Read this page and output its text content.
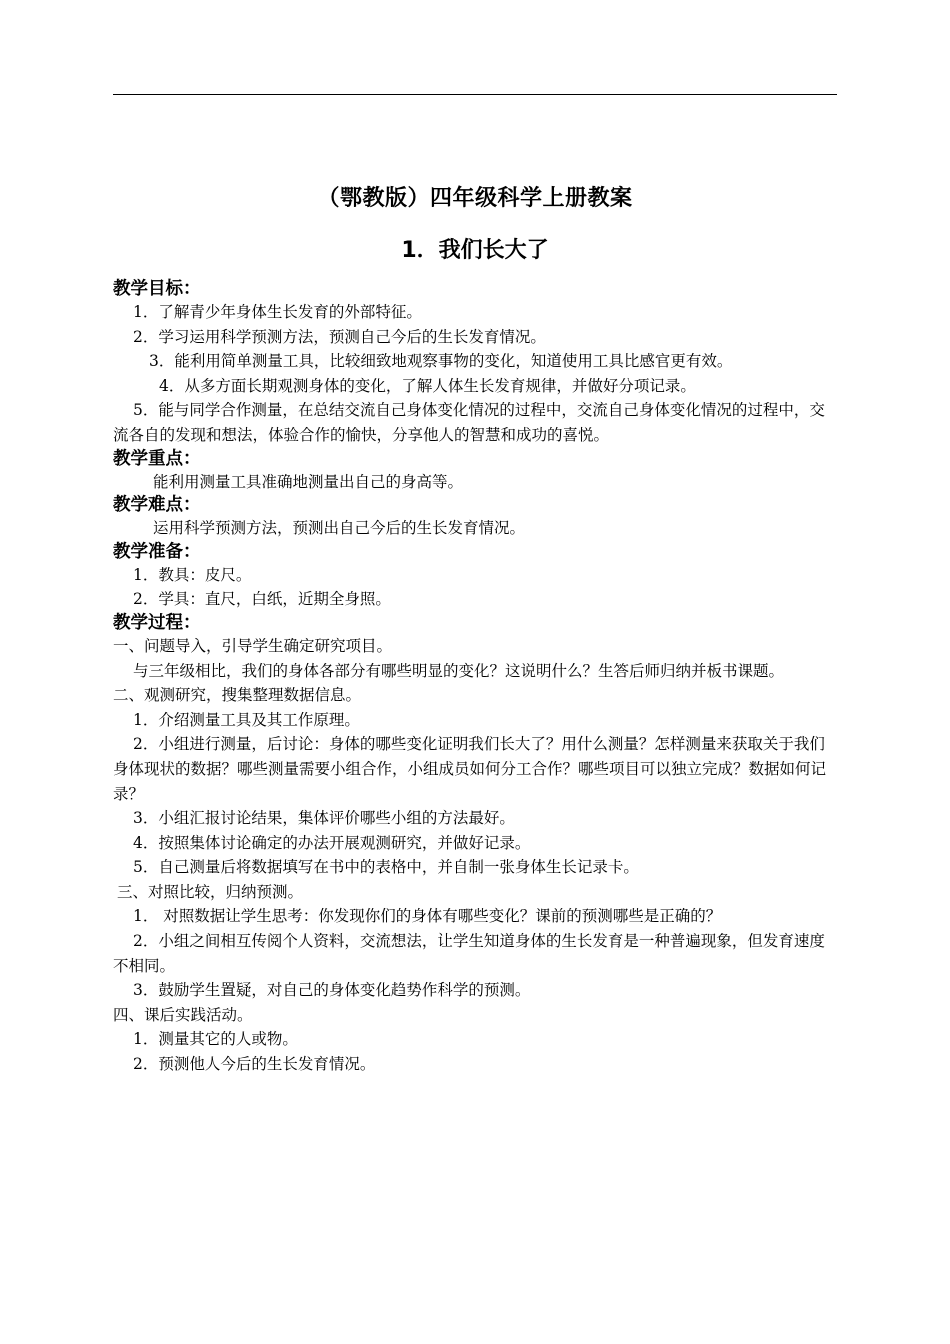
（鄂教版）四年级科学上册教案

1．我们长大了

教学目标：

1．了解青少年身体生长发育的外部特征。

2．学习运用科学预测方法，预测自己今后的生长发育情况。

3．能利用简单测量工具，比较细致地观察事物的变化，知道使用工具比感官更有效。

4．从多方面长期观测身体的变化，了解人体生长发育规律，并做好分项记录。

5．能与同学合作测量，在总结交流自己身体变化情况的过程中，交流自己身体变化情况的过程中，交流各自的发现和想法，体验合作的愉快，分享他人的智慧和成功的喜悦。

教学重点：

能利用测量工具准确地测量出自己的身高等。

教学难点：

运用科学预测方法，预测出自己今后的生长发育情况。

教学准备：

1．教具：皮尺。

2．学具：直尺，白纸，近期全身照。

教学过程：

一、问题导入，引导学生确定研究项目。

与三年级相比，我们的身体各部分有哪些明显的变化？这说明什么？生答后师归纳并板书课题。

二、观测研究，搜集整理数据信息。

1．介绍测量工具及其工作原理。

2．小组进行测量，后讨论：身体的哪些变化证明我们长大了？用什么测量？怎样测量来获取关于我们身体现状的数据？哪些测量需要小组合作，小组成员如何分工合作？哪些项目可以独立完成？数据如何记录？

3．小组汇报讨论结果，集体评价哪些小组的方法最好。

4．按照集体讨论确定的办法开展观测研究，并做好记录。

5．自己测量后将数据填写在书中的表格中，并自制一张身体生长记录卡。

三、对照比较，归纳预测。

1． 对照数据让学生思考：你发现你们的身体有哪些变化？课前的预测哪些是正确的？

2．小组之间相互传阅个人资料，交流想法，让学生知道身体的生长发育是一种普遍现象，但发育速度不相同。

3．鼓励学生置疑，对自己的身体变化趋势作科学的预测。

四、课后实践活动。

1．测量其它的人或物。

2．预测他人今后的生长发育情况。
